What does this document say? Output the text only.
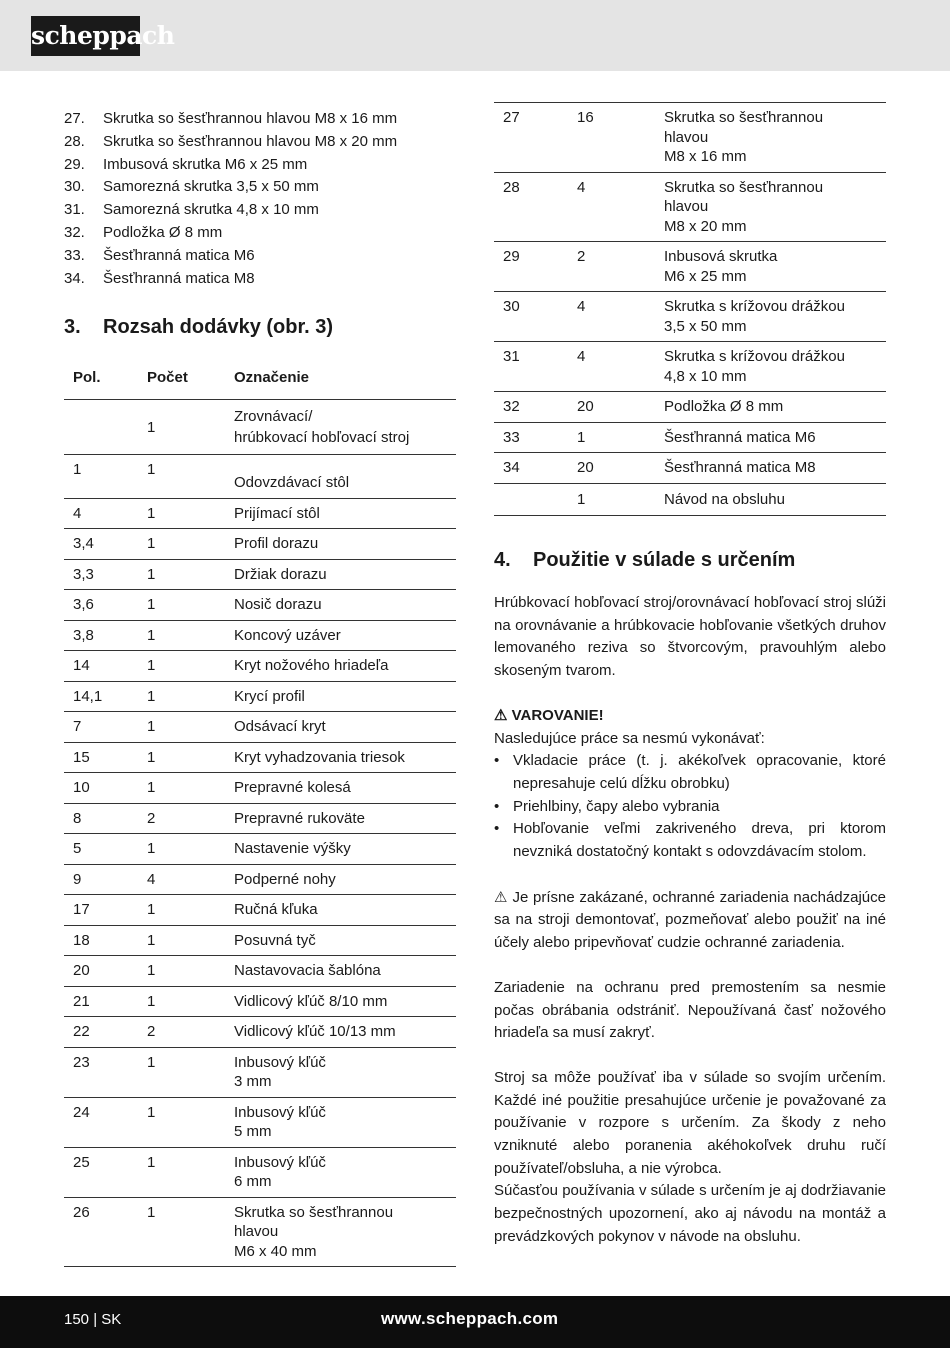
scheppach
27.	Skrutka so šesťhrannou hlavou M8 x 16 mm
28.	Skrutka so šesťhrannou hlavou M8 x 20 mm
29.	Imbusová skrutka M6 x 25 mm
30.	Samorezná skrutka 3,5 x 50 mm
31.	Samorezná skrutka 4,8 x 10 mm
32.	Podložka Ø 8 mm
33.	Šesťhranná matica M6
34.	Šesťhranná matica M8
3.	Rozsah dodávky (obr. 3)
Pol.	Počet	Označenie
	1	Zrovnávací/
hrúbkovací hobľovací stroj
1	1	Odovzdávací stôl
4	1	Prijímací stôl
3,4	1	Profil dorazu
3,3	1	Držiak dorazu
3,6	1	Nosič dorazu
3,8	1	Koncový uzáver
14	1	Kryt nožového hriadeľa
14,1	1	Krycí profil
7	1	Odsávací kryt
15	1	Kryt vyhadzovania triesok
10	1	Prepravné kolesá
8	2	Prepravné rukoväte
5	1	Nastavenie výšky
9	4	Podperné nohy
17	1	Ručná kľuka
18	1	Posuvná tyč
20	1	Nastavovacia šablóna
21	1	Vidlicový kľúč 8/10 mm
22	2	Vidlicový kľúč 10/13 mm
23	1	Inbusový kľúč
3 mm
24	1	Inbusový kľúč
5 mm
25	1	Inbusový kľúč
6 mm
26	1	Skrutka so šesťhrannou
hlavou
M6 x 40 mm
27	16	Skrutka so šesťhrannou
hlavou
M8 x 16 mm
28	4	Skrutka so šesťhrannou
hlavou
M8 x 20 mm
29	2	Inbusová skrutka
M6 x 25 mm
30	4	Skrutka s krížovou drážkou
3,5 x 50 mm
31	4	Skrutka s krížovou drážkou
4,8 x 10 mm
32	20	Podložka Ø 8 mm
33	1	Šesťhranná matica M6
34	20	Šesťhranná matica M8
	1	Návod na obsluhu
4.	Použitie v súlade s určením

Hrúbkovací hobľovací stroj/orovnávací hobľovací stroj slúži na orovnávanie a hrúbkovacie hobľovanie všetkých druhov lemovaného reziva so štvorcovým, pravouhlým alebo skoseným tvarom.

⚠ VAROVANIE!
Nasledujúce práce sa nesmú vykonávať:
• Vkladacie práce (t. j. akékoľvek opracovanie, ktoré nepresahuje celú dĺžku obrobku)
• Priehlbiny, čapy alebo vybrania
• Hobľovanie veľmi zakriveného dreva, pri ktorom nevzniká dostatočný kontakt s odovzdávacím stolom.

⚠ Je prísne zakázané, ochranné zariadenia nachádzajúce sa na stroji demontovať, pozmeňovať alebo použiť na iné účely alebo pripevňovať cudzie ochranné zariadenia.

Zariadenie na ochranu pred premostením sa nesmie počas obrábania odstrániť. Nepoužívaná časť nožového hriadeľa sa musí zakryť.

Stroj sa môže používať iba v súlade so svojím určením. Každé iné použitie presahujúce určenie je považované za používanie v rozpore s určením. Za škody z neho vzniknuté alebo poranenia akéhokoľvek druhu ručí používateľ/obsluha, a nie výrobca.

Súčasťou používania v súlade s určením je aj dodržiavanie bezpečnostných upozornení, ako aj návodu na montáž a prevádzkových pokynov v návode na obsluhu.

150 | SK	www.scheppach.com
